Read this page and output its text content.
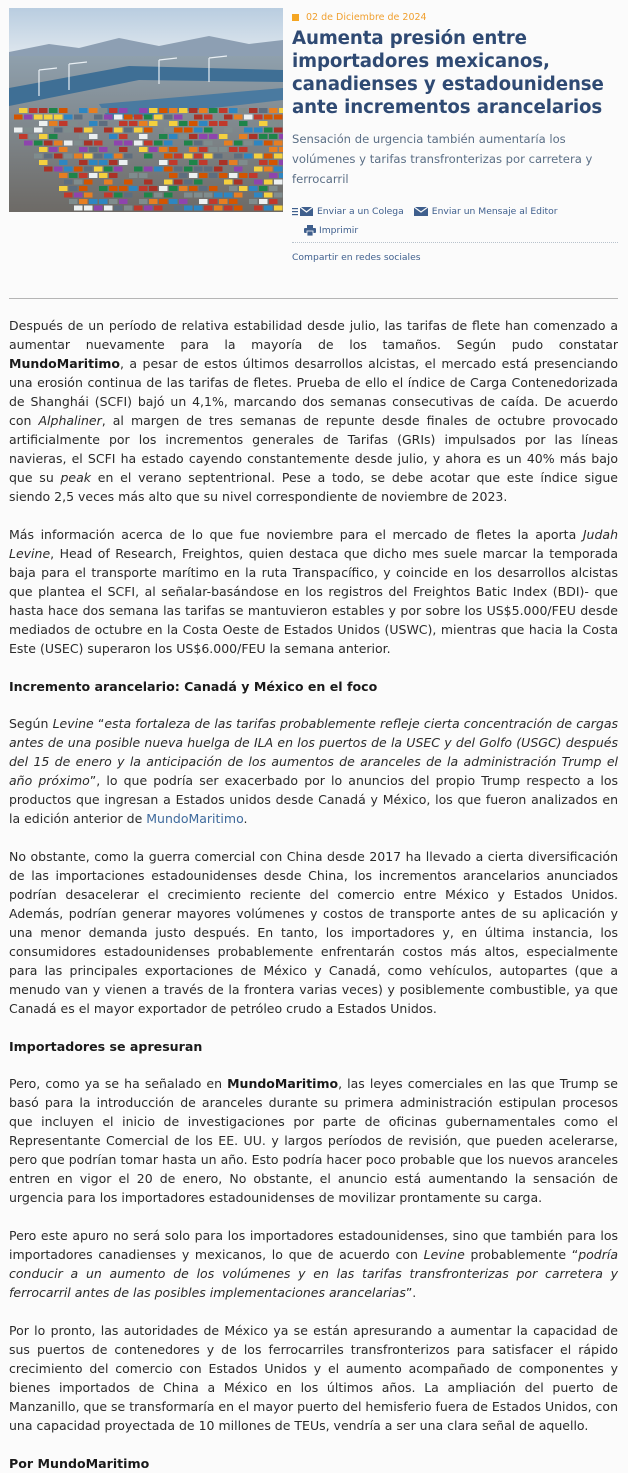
02 de Diciembre de 2024
Aumenta presión entre importadores mexicanos, canadienses y estadounidense ante incrementos arancelarios

Sensación de urgencia también aumentaría los volúmenes y tarifas transfronterizas por carretera y ferrocarril

Enviar a un Colega	Enviar un Mensaje al Editor
Imprimir
Compartir en redes sociales

Después de un período de relativa estabilidad desde julio, las tarifas de flete han comenzado a aumentar nuevamente para la mayoría de los tamaños. Según pudo constatar MundoMaritimo, a pesar de estos últimos desarrollos alcistas, el mercado está presenciando una erosión continua de las tarifas de fletes. Prueba de ello el índice de Carga Contenedorizada de Shanghái (SCFI) bajó un 4,1%, marcando dos semanas consecutivas de caída. De acuerdo con Alphaliner, al margen de tres semanas de repunte desde finales de octubre provocado artificialmente por los incrementos generales de Tarifas (GRIs) impulsados por las líneas navieras, el SCFI ha estado cayendo constantemente desde julio, y ahora es un 40% más bajo que su peak en el verano septentrional. Pese a todo, se debe acotar que este índice sigue siendo 2,5 veces más alto que su nivel correspondiente de noviembre de 2023.

Más información acerca de lo que fue noviembre para el mercado de fletes la aporta Judah Levine, Head of Research, Freightos, quien destaca que dicho mes suele marcar la temporada baja para el transporte marítimo en la ruta Transpacífico, y coincide en los desarrollos alcistas que plantea el SCFI, al señalar-basándose en los registros del Freightos Batic Index (BDI)- que hasta hace dos semana las tarifas se mantuvieron estables y por sobre los US$5.000/FEU desde mediados de octubre en la Costa Oeste de Estados Unidos (USWC), mientras que hacia la Costa Este (USEC) superaron los US$6.000/FEU la semana anterior.

Incremento arancelario: Canadá y México en el foco

Según Levine “esta fortaleza de las tarifas probablemente refleje cierta concentración de cargas antes de una posible nueva huelga de ILA en los puertos de la USEC y del Golfo (USGC) después del 15 de enero y la anticipación de los aumentos de aranceles de la administración Trump el año próximo”, lo que podría ser exacerbado por lo anuncios del propio Trump respecto a los productos que ingresan a Estados unidos desde Canadá y México, los que fueron analizados en la edición anterior de MundoMaritimo.

No obstante, como la guerra comercial con China desde 2017 ha llevado a cierta diversificación de las importaciones estadounidenses desde China, los incrementos arancelarios anunciados podrían desacelerar el crecimiento reciente del comercio entre México y Estados Unidos. Además, podrían generar mayores volúmenes y costos de transporte antes de su aplicación y una menor demanda justo después. En tanto, los importadores y, en última instancia, los consumidores estadounidenses probablemente enfrentarán costos más altos, especialmente para las principales exportaciones de México y Canadá, como vehículos, autopartes (que a menudo van y vienen a través de la frontera varias veces) y posiblemente combustible, ya que Canadá es el mayor exportador de petróleo crudo a Estados Unidos.

Importadores se apresuran

Pero, como ya se ha señalado en MundoMaritimo, las leyes comerciales en las que Trump se basó para la introducción de aranceles durante su primera administración estipulan procesos que incluyen el inicio de investigaciones por parte de oficinas gubernamentales como el Representante Comercial de los EE. UU. y largos períodos de revisión, que pueden acelerarse, pero que podrían tomar hasta un año. Esto podría hacer poco probable que los nuevos aranceles entren en vigor el 20 de enero, No obstante, el anuncio está aumentando la sensación de urgencia para los importadores estadounidenses de movilizar prontamente su carga.

Pero este apuro no será solo para los importadores estadounidenses, sino que también para los importadores canadienses y mexicanos, lo que de acuerdo con Levine probablemente “podría conducir a un aumento de los volúmenes y en las tarifas transfronterizas por carretera y ferrocarril antes de las posibles implementaciones arancelarias”.

Por lo pronto, las autoridades de México ya se están apresurando a aumentar la capacidad de sus puertos de contenedores y de los ferrocarriles transfronterizos para satisfacer el rápido crecimiento del comercio con Estados Unidos y el aumento acompañado de componentes y bienes importados de China a México en los últimos años. La ampliación del puerto de Manzanillo, que se transformaría en el mayor puerto del hemisferio fuera de Estados Unidos, con una capacidad proyectada de 10 millones de TEUs, vendría a ser una clara señal de aquello.

Por MundoMaritimo
